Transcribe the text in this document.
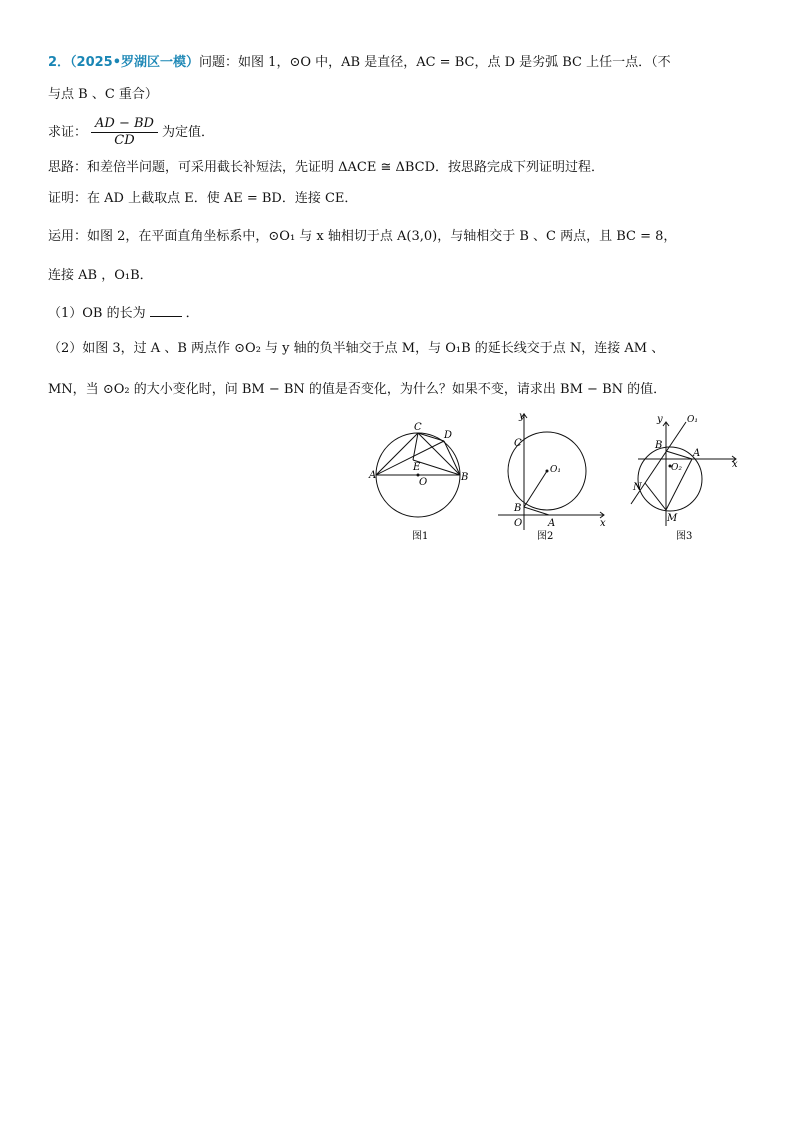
2．（2025•罗湖区一模）问题：如图 1，⊙O 中，AB 是直径，AC = BC，点 D 是劣弧 BC 上任一点．（不
与点 B 、C 重合）
求证： $\frac{AD - BD}{CD}$ 为定值．
思路：和差倍半问题，可采用截长补短法，先证明 ΔACE ≅ ΔBCD．按思路完成下列证明过程．
证明：在 AD 上截取点 E．使 AE = BD．连接 CE．
运用：如图 2，在平面直角坐标系中，⊙O₁ 与 x 轴相切于点 A(3,0)，与轴相交于 B 、C 两点，且 BC = 8，
连接 AB ，O₁B．
（1）OB 的长为	．
（2）如图 3，过 A 、B 两点作 ⊙O₂ 与 y 轴的负半轴交于点 M，与 O₁B 的延长线交于点 N，连接 AM 、
MN，当 ⊙O₂ 的大小变化时，问 BM − BN 的值是否变化，为什么？如果不变，请求出 BM − BN 的值．
A	B
C
D
E
O
图1
y
x
C
O₁
B
O	A
图2
y
x
O₁
B
A
O₂
N
M
图3
